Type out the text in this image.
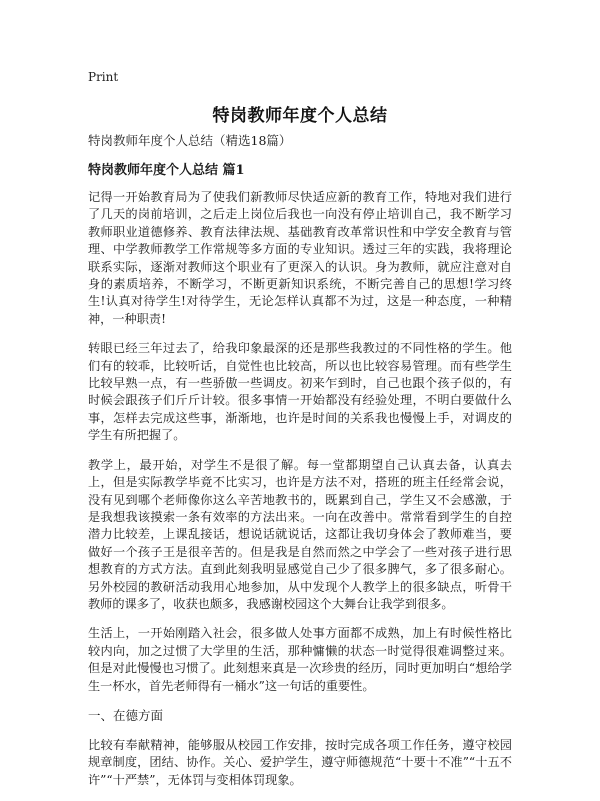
Print
特岗教师年度个人总结
特岗教师年度个人总结（精选18篇）
特岗教师年度个人总结 篇1

记得一开始教育局为了使我们新教师尽快适应新的教育工作，特地对我们进行了几天的岗前培训，之后走上岗位后我也一向没有停止培训自己，我不断学习教师职业道德修养、教育法律法规、基础教育改革常识性和中学安全教育与管理、中学教师教学工作常规等多方面的专业知识。透过三年的实践，我将理论联系实际，逐渐对教师这个职业有了更深入的认识。身为教师，就应注意对自身的素质培养，不断学习，不断更新知识系统，不断完善自己的思想!学习终生!认真对待学生!对待学生，无论怎样认真都不为过，这是一种态度，一种精神，一种职责!

转眼已经三年过去了，给我印象最深的还是那些我教过的不同性格的学生。他们有的较乖，比较听话，自觉性也比较高，所以也比较容易管理。而有些学生比较早熟一点，有一些骄傲一些调皮。初来乍到时，自己也跟个孩子似的，有时候会跟孩子们斤斤计较。很多事情一开始都没有经验处理，不明白要做什么事，怎样去完成这些事，渐渐地，也许是时间的关系我也慢慢上手，对调皮的学生有所把握了。

教学上，最开始，对学生不是很了解。每一堂都期望自己认真去备，认真去上，但是实际教学毕竟不比实习，也许是方法不对，搭班的班主任经常会说，没有见到哪个老师像你这么辛苦地教书的，既累到自己，学生又不会感激，于是我想我该摸索一条有效率的方法出来。一向在改善中。常常看到学生的自控潜力比较差，上课乱接话，想说话就说话，这都让我切身体会了教师难当，要做好一个孩子王是很辛苦的。但是我是自然而然之中学会了一些对孩子进行思想教育的方式方法。直到此刻我明显感觉自己少了很多脾气，多了很多耐心。另外校园的教研活动我用心地参加，从中发现个人教学上的很多缺点，听骨干教师的课多了，收获也颇多，我感谢校园这个大舞台让我学到很多。

生活上，一开始刚踏入社会，很多做人处事方面都不成熟，加上有时候性格比较内向，加之过惯了大学里的生活，那种慵懒的状态一时觉得很难调整过来。但是对此慢慢也习惯了。此刻想来真是一次珍贵的经历，同时更加明白“想给学生一杯水，首先老师得有一桶水”这一句话的重要性。

一、在德方面

比较有奉献精神，能够服从校园工作安排，按时完成各项工作任务，遵守校园规章制度，团结、协作。关心、爱护学生，遵守师德规范“十要十不准”“十五不许”“十严禁”，无体罚与变相体罚现象。
